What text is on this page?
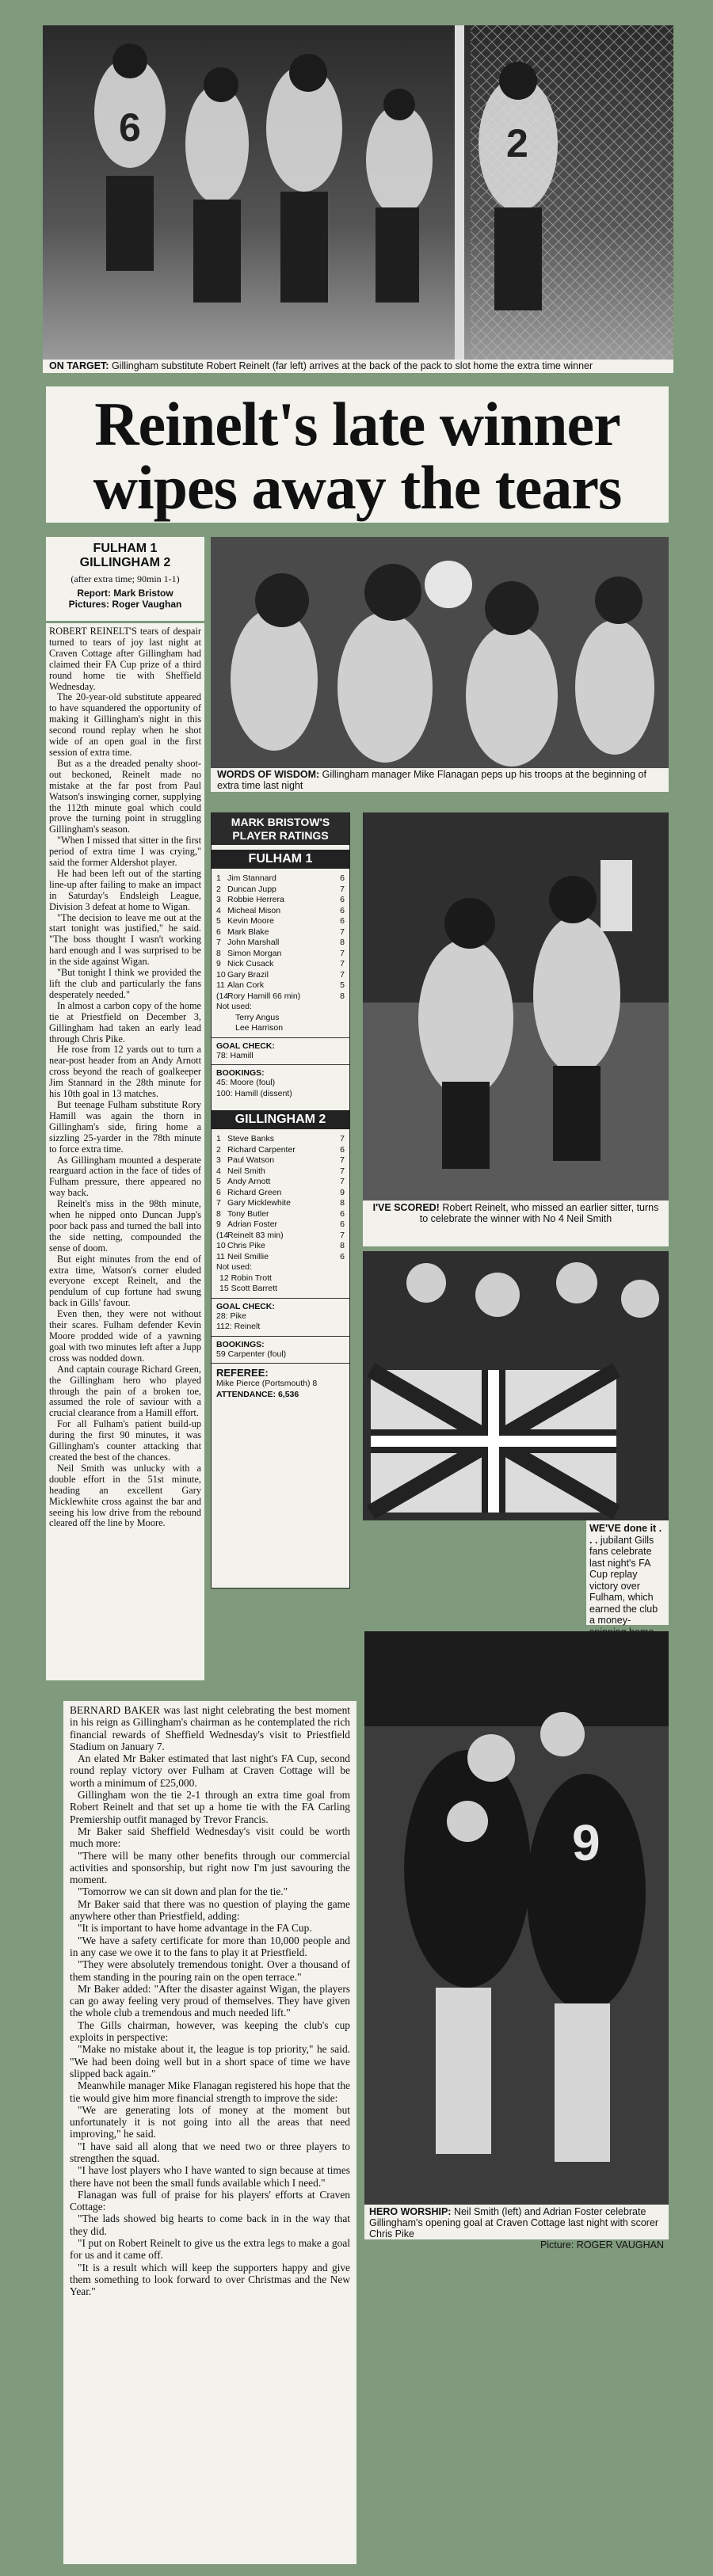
6	2
ON TARGET: Gillingham substitute Robert Reinelt (far left) arrives at the back of the pack to slot home the extra time winner
Reinelt's late winner wipes away the tears
FULHAM 1
GILLINGHAM 2
(after extra time; 90min 1-1)
Report: Mark Bristow
Pictures: Roger Vaughan

ROBERT REINELT'S tears of despair turned to tears of joy last night at Craven Cottage after Gillingham had claimed their FA Cup prize of a third round home tie with Sheffield Wednesday.

The 20-year-old substitute appeared to have squandered the opportunity of making it Gillingham's night in this second round replay when he shot wide of an open goal in the first session of extra time.

But as a the dreaded penalty shoot-out beckoned, Reinelt made no mistake at the far post from Paul Watson's inswinging corner, supplying the 112th minute goal which could prove the turning point in struggling Gillingham's season.

"When I missed that sitter in the first period of extra time I was crying," said the former Aldershot player.

He had been left out of the starting line-up after failing to make an impact in Saturday's Endsleigh League, Division 3 defeat at home to Wigan.

"The decision to leave me out at the start tonight was justified," he said. "The boss thought I wasn't working hard enough and I was surprised to be in the side against Wigan.

"But tonight I think we provided the lift the club and particularly the fans desperately needed."

In almost a carbon copy of the home tie at Priestfield on December 3, Gillingham had taken an early lead through Chris Pike.

He rose from 12 yards out to turn a near-post header from an Andy Arnott cross beyond the reach of goalkeeper Jim Stannard in the 28th minute for his 10th goal in 13 matches.

But teenage Fulham substitute Rory Hamill was again the thorn in Gillingham's side, firing home a sizzling 25-yarder in the 78th minute to force extra time.

As Gillingham mounted a desperate rearguard action in the face of tides of Fulham pressure, there appeared no way back.

Reinelt's miss in the 98th minute, when he nipped onto Duncan Jupp's poor back pass and turned the ball into the side netting, compounded the sense of doom.

But eight minutes from the end of extra time, Watson's corner eluded everyone except Reinelt, and the pendulum of cup fortune had swung back in Gills' favour.

Even then, they were not without their scares. Fulham defender Kevin Moore prodded wide of a yawning goal with two minutes left after a Jupp cross was nodded down.

And captain courage Richard Green, the Gillingham hero who played through the pain of a broken toe, assumed the role of saviour with a crucial clearance from a Hamill effort.

For all Fulham's patient build-up during the first 90 minutes, it was Gillingham's counter attacking that created the best of the chances.

Neil Smith was unlucky with a double effort in the 51st minute, heading an excellent Gary Micklewhite cross against the bar and seeing his low drive from the rebound cleared off the line by Moore.

WORDS OF WISDOM: Gillingham manager Mike Flanagan peps up his troops at the beginning of extra time last night
MARK BRISTOW'S
PLAYER RATINGS
FULHAM 1
1 Jim Stannard	6
2 Duncan Jupp	7
3 Robbie Herrera	6
4 Micheal Mison	6
5 Kevin Moore	6
6 Mark Blake	7
7 John Marshall	8
8 Simon Morgan	7
9 Nick Cusack	7
10 Gary Brazil	7
11 Alan Cork	5
(14
Rory Hamill 66 min)	8
Not used:
Terry Angus
Lee Harrison
GOAL CHECK:
78: Hamill
BOOKINGS:
45: Moore (foul)
100: Hamill (dissent)
GILLINGHAM 2
1 Steve Banks	7
2 Richard Carpenter	6
3 Paul Watson	7
4 Neil Smith	7
5 Andy Arnott	7
6 Richard Green	9
7 Gary Micklewhite	8
8 Tony Butler	6
9 Adrian Foster	6
(14
Reinelt 83 min)	7
10 Chris Pike	8
11 Neil Smillie	6
Not used:
12 Robin Trott
15 Scott Barrett
GOAL CHECK:
28: Pike
112: Reinelt
BOOKINGS:
59 Carpenter (foul)
REFEREE:
Mike Pierce (Portsmouth) 8
ATTENDANCE: 6,536
I'VE SCORED! Robert Reinelt, who missed an earlier sitter, turns to celebrate the winner with No 4 Neil Smith
WE'VE done it . . . jubilant Gills fans celebrate last night's FA Cup replay victory over Fulham, which earned the club a money-

BERNARD BAKER was last night celebrating the best moment in his reign as Gillingham's chairman as he contemplated the rich financial rewards of Sheffield Wednesday's visit to Priestfield Stadium on January 7.

An elated Mr Baker estimated that last night's FA Cup, second round replay victory over Fulham at Craven Cottage will be worth a minimum of £25,000.

Gillingham won the tie 2-1 through an extra time goal from Robert Reinelt and that set up a home tie with the FA Carling Premiership outfit managed by Trevor Francis.

Mr Baker said Sheffield Wednesday's visit could be worth much more:

"There will be many other benefits through our commercial activities and sponsorship, but right now I'm just savouring the moment.

"Tomorrow we can sit down and plan for the tie."

Mr Baker said that there was no question of playing the game anywhere other than Priestfield, adding:

"It is important to have home advantage in the FA Cup.

"We have a safety certificate for more than 10,000 people and in any case we owe it to the fans to play it at Priestfield.

"They were absolutely tremendous tonight. Over a thousand of them standing in the pouring rain on the open terrace."

Mr Baker added: "After the disaster against Wigan, the players can go away feeling very proud of themselves. They have given the whole club a tremendous and much needed lift."

The Gills chairman, however, was keeping the club's cup exploits in perspective:

"Make no mistake about it, the league is top priority," he said. "We had been doing well but in a short space of time we have slipped back again."

Meanwhile manager Mike Flanagan registered his hope that the tie would give him more financial strength to improve the side:

"We are generating lots of money at the moment but unfortunately it is not going into all the areas that need improving," he said.

"I have said all along that we need two or three players to strengthen the squad.

"I have lost players who I have wanted to sign because at times there have not been the small funds available which I need."

Flanagan was full of praise for his players' efforts at Craven Cottage:

"The lads showed big hearts to come back in in the way that they did.

"I put on Robert Reinelt to give us the extra legs to make a goal for us and it came off.

"It is a result which will keep the supporters happy and give them something to look forward to over Christmas and the New Year."

9
HERO WORSHIP: Neil Smith (left) and Adrian Foster celebrate Gillingham's opening goal at Craven Cottage last night with scorer Chris Pike
Picture: ROGER VAUGHAN
